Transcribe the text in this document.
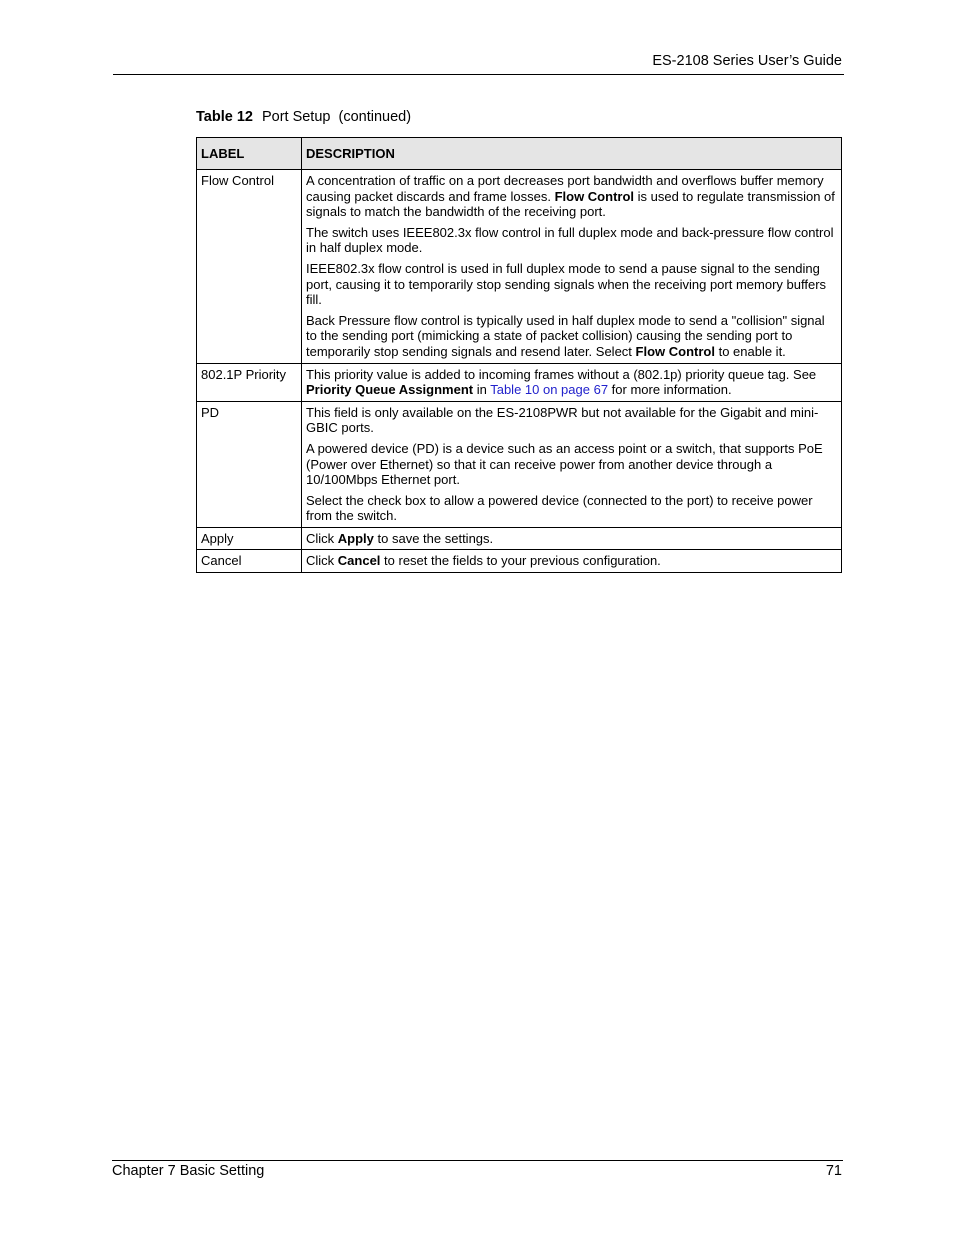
ES-2108 Series User’s Guide
Table 12 Port Setup  (continued)
LABEL	DESCRIPTION
Flow Control	A concentration of traffic on a port decreases port bandwidth and overflows buffer memory causing packet discards and frame losses. Flow Control is used to regulate transmission of signals to match the bandwidth of the receiving port.

The switch uses IEEE802.3x flow control in full duplex mode and back-pressure flow control in half duplex mode.

IEEE802.3x flow control is used in full duplex mode to send a pause signal to the sending port, causing it to temporarily stop sending signals when the receiving port memory buffers fill.

Back Pressure flow control is typically used in half duplex mode to send a "collision" signal to the sending port (mimicking a state of packet collision) causing the sending port to temporarily stop sending signals and resend later. Select Flow Control to enable it.

802.1P Priority	This priority value is added to incoming frames without a (802.1p) priority queue tag. See Priority Queue Assignment in Table 10 on page 67 for more information.

PD	This field is only available on the ES-2108PWR but not available for the Gigabit and mini-GBIC ports.

A powered device (PD) is a device such as an access point or a switch, that supports PoE (Power over Ethernet) so that it can receive power from another device through a 10/100Mbps Ethernet port.

Select the check box to allow a powered device (connected to the port) to receive power from the switch.

Apply	Click Apply to save the settings.

Cancel	Click Cancel to reset the fields to your previous configuration.

Chapter 7 Basic Setting	71
